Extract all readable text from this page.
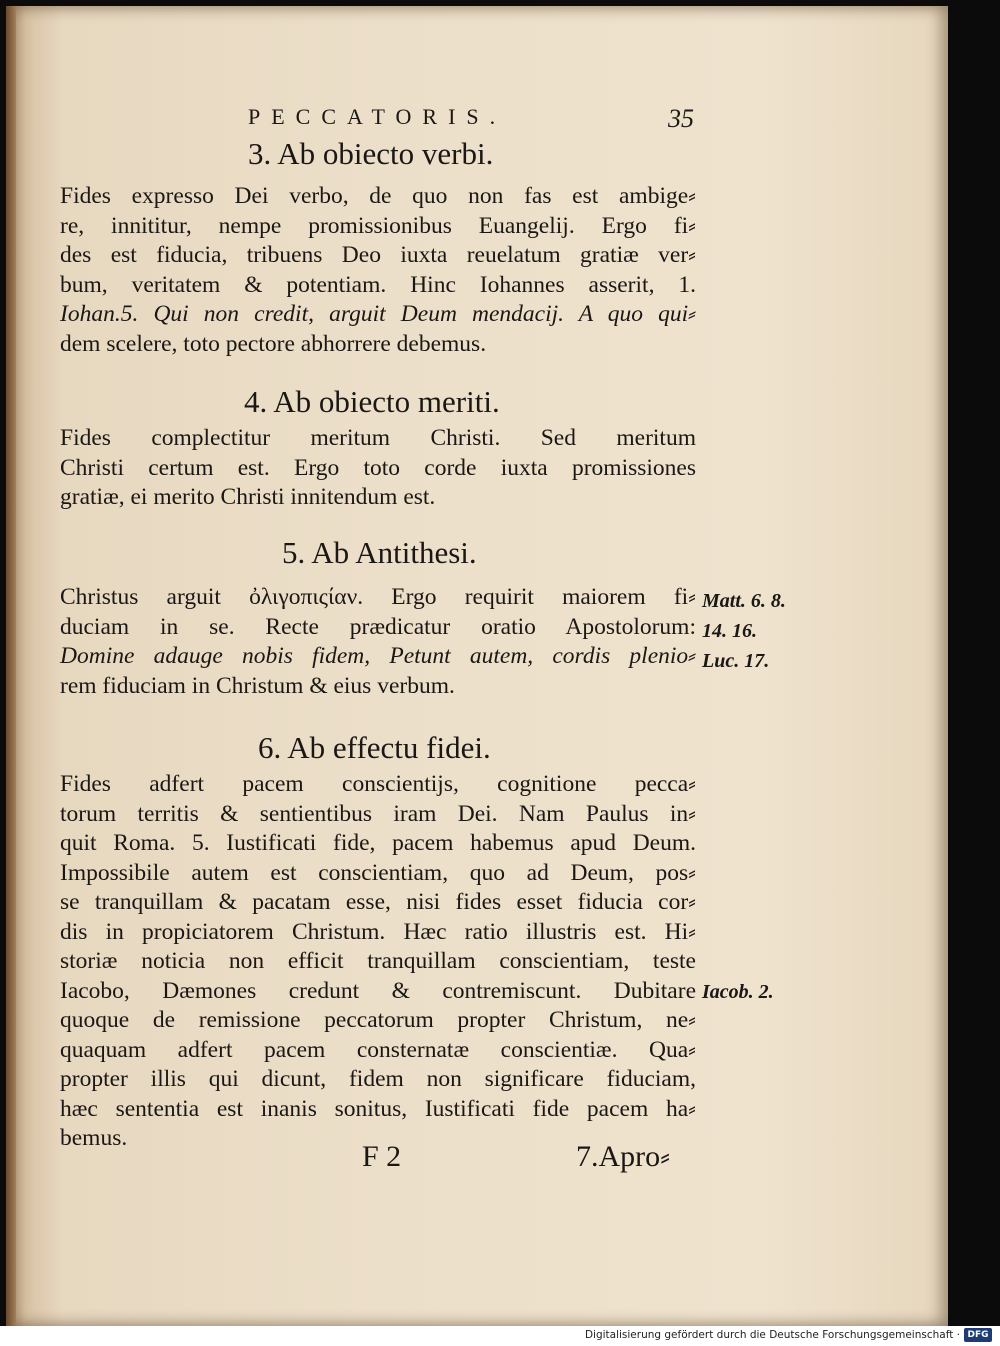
PECCATORIS.	35
3. Ab obiecto verbi.
Fides expresso Dei verbo, de quo non fas est ambige⸗
re, innititur, nempe promissionibus Euangelij. Ergo fi⸗
des est fiducia, tribuens Deo iuxta reuelatum gratiæ ver⸗
bum, veritatem & potentiam. Hinc Iohannes asserit, 1.
Iohan.5. Qui non credit, arguit Deum mendacij. A quo qui⸗
dem scelere, toto pectore abhorrere debemus.
4. Ab obiecto meriti.
Fides complectitur meritum Christi. Sed meritum
Christi certum est. Ergo toto corde iuxta promissiones
gratiæ, ei merito Christi innitendum est.
5. Ab Antithesi.
Christus arguit ὀλιγοπιςίαν. Ergo requirit maiorem fi⸗
duciam in se. Recte prædicatur oratio Apostolorum:
Domine adauge nobis fidem, Petunt autem, cordis plenio⸗
rem fiduciam in Christum & eius verbum.
Matt. 6. 8.
14. 16.
Luc. 17.
6. Ab effectu fidei.
Fides adfert pacem conscientijs, cognitione pecca⸗
torum territis & sentientibus iram Dei. Nam Paulus in⸗
quit Roma. 5. Iustificati fide, pacem habemus apud Deum.
Impossibile autem est conscientiam, quo ad Deum, pos⸗
se tranquillam & pacatam esse, nisi fides esset fiducia cor⸗
dis in propiciatorem Christum. Hæc ratio illustris est. Hi⸗
storiæ noticia non efficit tranquillam conscientiam, teste
Iacobo, Dæmones credunt & contremiscunt. Dubitare
quoque de remissione peccatorum propter Christum, ne⸗
quaquam adfert pacem consternatæ conscientiæ. Qua⸗
propter illis qui dicunt, fidem non significare fiduciam,
hæc sententia est inanis sonitus, Iustificati fide pacem ha⸗
bemus.
Iacob. 2.
F 2	7.Apro⸗
Digitalisierung gefördert durch die Deutsche Forschungsgemeinschaft · DFG
